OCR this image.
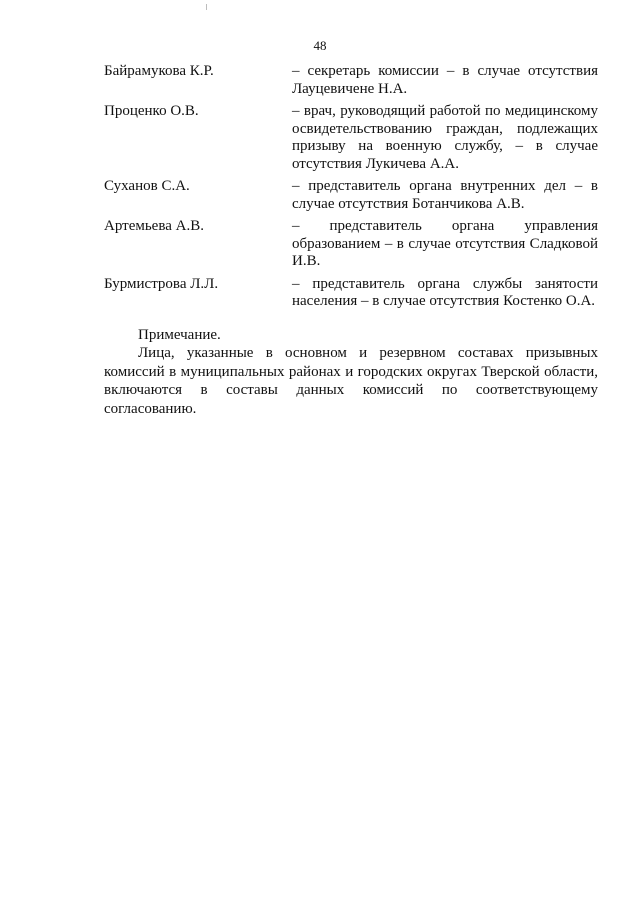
48
Байрамукова К.Р.	– секретарь комиссии – в случае отсутствия Лауцевичене Н.А.
Проценко О.В.	– врач, руководящий работой по медицинскому освидетельствованию граждан, подлежащих призыву на военную службу, – в случае отсутствия Лукичева А.А.
Суханов С.А.	– представитель органа внутренних дел – в случае отсутствия Ботанчикова А.В.
Артемьева А.В.	– представитель органа управления образованием – в случае отсутствия Сладковой И.В.
Бурмистрова Л.Л.	– представитель органа службы занятости населения – в случае отсутствия Костенко О.А.
Примечание.

Лица, указанные в основном и резервном составах призывных комиссий в муниципальных районах и городских округах Тверской области, включаются в составы данных комиссий по соответствующему согласованию.
